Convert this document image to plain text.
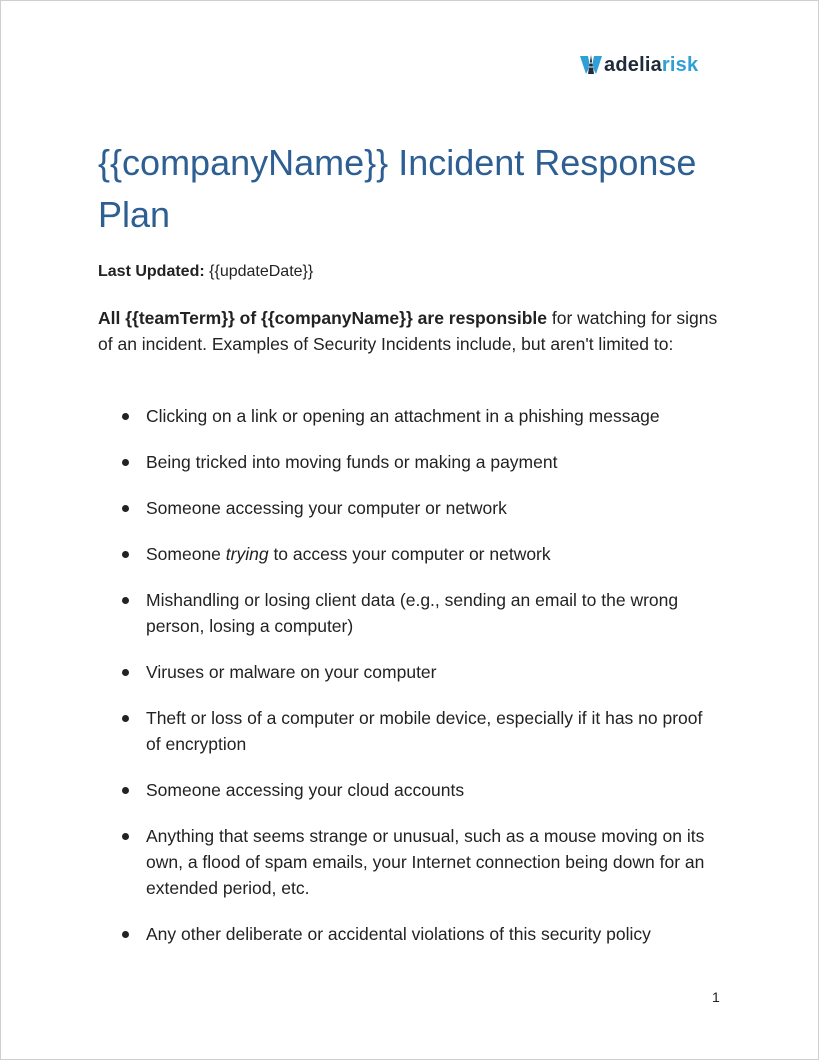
adeliarisk
{{companyName}} Incident Response Plan
Last Updated: {{updateDate}}

All {{teamTerm}} of {{companyName}} are responsible for watching for signs of an incident. Examples of Security Incidents include, but aren't limited to:

Clicking on a link or opening an attachment in a phishing message
Being tricked into moving funds or making a payment
Someone accessing your computer or network
Someone trying to access your computer or network
Mishandling or losing client data (e.g., sending an email to the wrong person, losing a computer)
Viruses or malware on your computer
Theft or loss of a computer or mobile device, especially if it has no proof of encryption
Someone accessing your cloud accounts
Anything that seems strange or unusual, such as a mouse moving on its own, a flood of spam emails, your Internet connection being down for an extended period, etc.
Any other deliberate or accidental violations of this security policy
1
